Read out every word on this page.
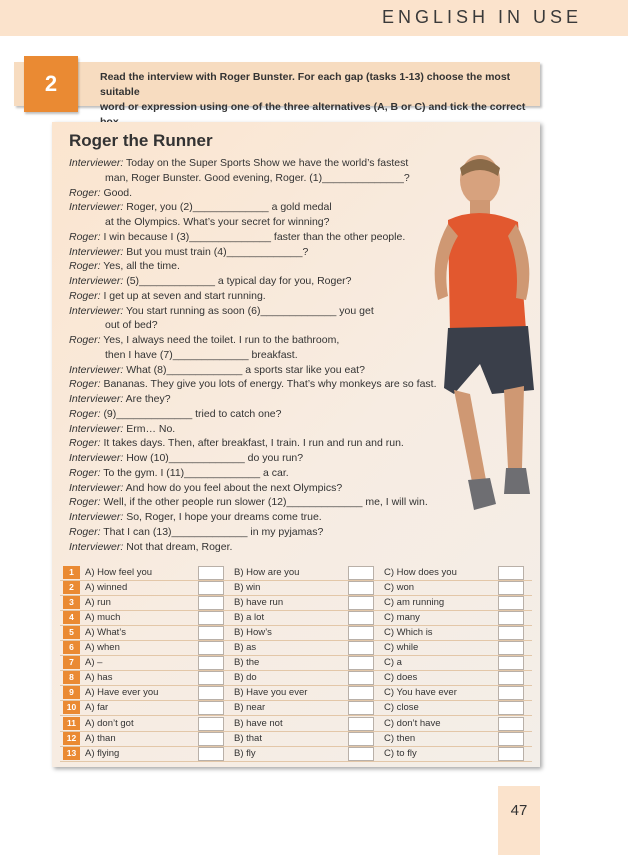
ENGLISH IN USE
2	Read the interview with Roger Bunster. For each gap (tasks 1-13) choose the most suitable
word or expression using one of the three alternatives (A, B or C) and tick the correct
Roger the Runner
Interviewer: Today on the Super Sports Show we have the world’s fastest
man, Roger Bunster. Good evening, Roger. (1)______________?
Roger: Good.
Interviewer: Roger, you (2)_____________ a gold medal
at the Olympics. What’s your secret for winning?
Roger: I win because I (3)______________ faster than the other people.
Interviewer: But you must train (4)_____________?
Roger: Yes, all the time.
Interviewer: (5)_____________ a typical day for you, Roger?
Roger: I get up at seven and start running.
Interviewer: You start running as soon (6)_____________ you get
out of bed?
Roger: Yes, I always need the toilet. I run to the bathroom,
then I have (7)_____________ breakfast.
Interviewer: What (8)_____________ a sports star like you eat?
Roger: Bananas. They give you lots of energy. That’s why monkeys are so fast.
Interviewer: Are they?
Roger: (9)_____________ tried to catch one?
Interviewer: Erm… No.
Roger: It takes days. Then, after breakfast, I train. I run and run and run.
Interviewer: How (10)_____________ do you run?
Roger: To the gym. I (11)_____________ a car.
Interviewer: And how do you feel about the next Olympics?
Roger: Well, if the other people run slower (12)_____________ me, I will win.
Interviewer: So, Roger, I hope your dreams come true.
Roger: That I can (13)_____________ in my pyjamas?
Interviewer: Not that dream, Roger.
1	A) How feel you	B) How are you	C) How does you
2	A) winned	B) win	C) won
3	A) run	B) have run	C) am running
4	A) much	B) a lot	C) many
5	A) What’s	B) How’s	C) Which is
6	A) when	B) as	C) while
7	A) –	B) the	C) a
8	A) has	B) do	C) does
9	A) Have ever you	B) Have you ever	C) You have ever
10 A) far	B) near	C) close
11 A) don’t got	B) have not	C) don’t have
12 A) than	B) that	C) then
13 A) flying	B) fly	C) to fly
47
